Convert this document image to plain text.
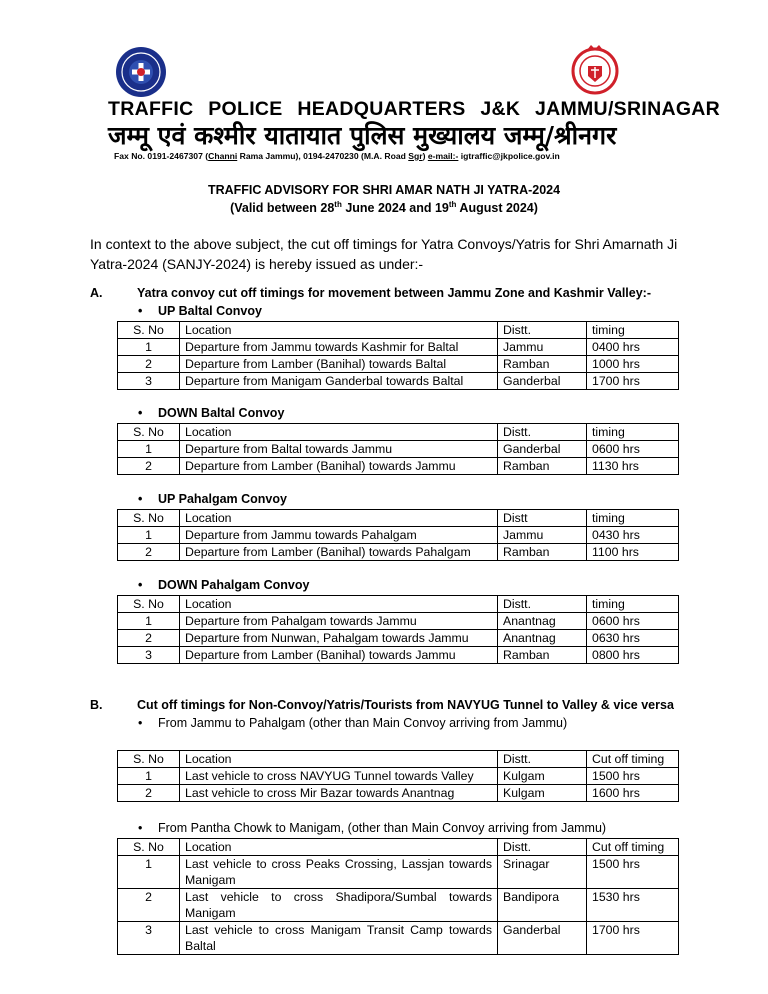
TRAFFIC POLICE HEADQUARTERS J&K JAMMU/SRINAGAR
जम्मू एवं कश्मीर यातायात पुलिस मुख्यालय जम्मू/श्रीनगर
Fax No. 0191-2467307 (Channi Rama Jammu), 0194-2470230 (M.A. Road Sgr) e-mail:- igtraffic@jkpolice.gov.in
TRAFFIC ADVISORY FOR SHRI AMAR NATH JI YATRA-2024
(Valid between 28th June 2024 and 19th August 2024)
In context to the above subject, the cut off timings for Yatra Convoys/Yatris for Shri Amarnath Ji Yatra-2024 (SANJY-2024) is hereby issued as under:-
A.	Yatra convoy cut off timings for movement between Jammu Zone and Kashmir Valley:-
• UP Baltal Convoy
S. No	Location	Distt.	timing
1	Departure from Jammu towards Kashmir for Baltal	Jammu	0400 hrs
2	Departure from Lamber (Banihal) towards Baltal	Ramban	1000 hrs
3	Departure from Manigam Ganderbal towards Baltal	Ganderbal	1700 hrs
• DOWN Baltal Convoy
S. No	Location	Distt.	timing
1	Departure from Baltal towards Jammu	Ganderbal	0600 hrs
2	Departure from Lamber (Banihal) towards Jammu	Ramban	1130 hrs
• UP Pahalgam Convoy
S. No	Location	Distt	timing
1	Departure from Jammu towards Pahalgam	Jammu	0430 hrs
2	Departure from Lamber (Banihal) towards Pahalgam	Ramban	1100 hrs
• DOWN Pahalgam Convoy
S. No	Location	Distt.	timing
1	Departure from Pahalgam towards Jammu	Anantnag	0600 hrs
2	Departure from Nunwan, Pahalgam towards Jammu	Anantnag	0630 hrs
3	Departure from Lamber (Banihal) towards Jammu	Ramban	0800 hrs
B.	Cut off timings for Non-Convoy/Yatris/Tourists from NAVYUG Tunnel to Valley & vice versa
• From Jammu to Pahalgam (other than Main Convoy arriving from Jammu)
S. No	Location	Distt.	Cut off timing
1	Last vehicle to cross NAVYUG Tunnel towards Valley	Kulgam	1500 hrs
2	Last vehicle to cross Mir Bazar towards Anantnag	Kulgam	1600 hrs
• From Pantha Chowk to Manigam, (other than Main Convoy arriving from Jammu)
S. No	Location	Distt.	Cut off timing
1	Last vehicle to cross Peaks Crossing, Lassjan towards Manigam	Srinagar	1500 hrs
2	Last vehicle to cross Shadipora/Sumbal towards Manigam	Bandipora	1530 hrs
3	Last vehicle to cross Manigam Transit Camp towards Baltal	Ganderbal	1700 hrs
